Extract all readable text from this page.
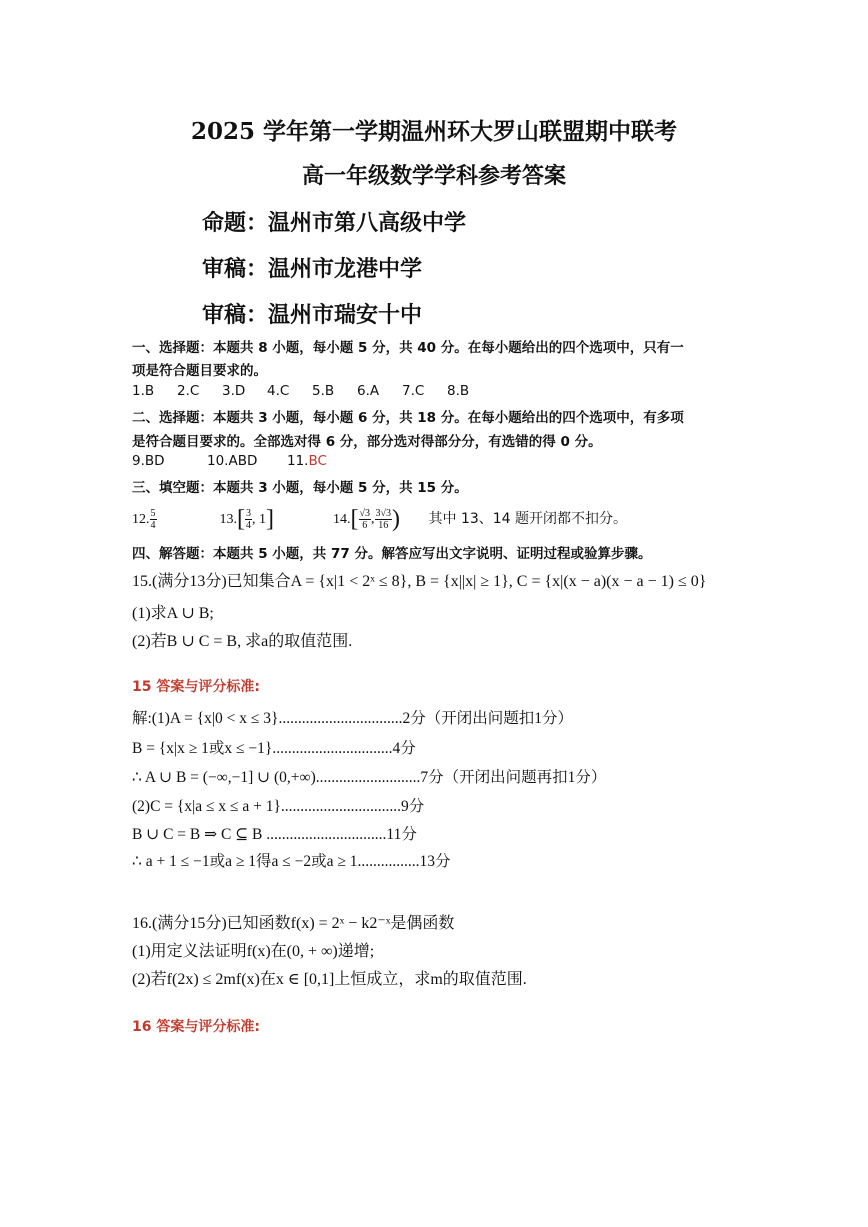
2025 学年第一学期温州环大罗山联盟期中联考
高一年级数学学科参考答案
命题：温州市第八高级中学
审稿：温州市龙港中学
审稿：温州市瑞安十中
一、选择题：本题共 8 小题，每小题 5 分，共 40 分。在每小题给出的四个选项中，只有一
项是符合题目要求的。
1.B 2.C 3.D 4.C 5.B 6.A 7.C 8.B
二、选择题：本题共 3 小题，每小题 6 分，共 18 分。在每小题给出的四个选项中，有多项
是符合题目要求的。全部选对得 6 分，部分选对得部分分，有选错的得 0 分。
9.BD	10.ABD 11.BC
三、填空题：本题共 3 小题，每小题 5 分，共 15 分。
12. $\frac{5}{4}$	$13.[ \frac{3}{4}$ , 1]	$14.[ \frac{√3}{6}$ , $\frac{3√3}{16}$ ) 其中 13、14 题开闭都不扣分。
四、解答题：本题共 5 小题，共 77 分。解答应写出文字说明、证明过程或验算步骤。
15.(满分13分)已知集合A = {x|1 < 2ˣ ≤ 8}, B = {x||x| ≥ 1}, C = {x|(x − a)(x − a − 1) ≤ 0}
(1)求A ∪ B;
(2)若B ∪ C = B, 求a的取值范围.
15 答案与评分标准:
解:(1)A = {x|0 < x ≤ 3}................................2分（开闭出问题扣1分）
B = {x|x ≥ 1或x ≤ −1}...............................4分
∴ A ∪ B = (−∞,−1] ∪ (0,+∞)...........................7分（开闭出问题再扣1分）
(2)C = {x|a ≤ x ≤ a + 1}...............................9分
B ∪ C = B ⇒ C ⊆ B ...............................11分
∴ a + 1 ≤ −1或a ≥ 1得a ≤ −2或a ≥ 1................13分
16.(满分15分)已知函数f(x) = 2ˣ − k2⁻ˣ是偶函数
(1)用定义法证明f(x)在(0, + ∞)递增;
(2)若f(2x) ≤ 2mf(x)在x ∈ [0,1]上恒成立，求m的取值范围.
16 答案与评分标准:
